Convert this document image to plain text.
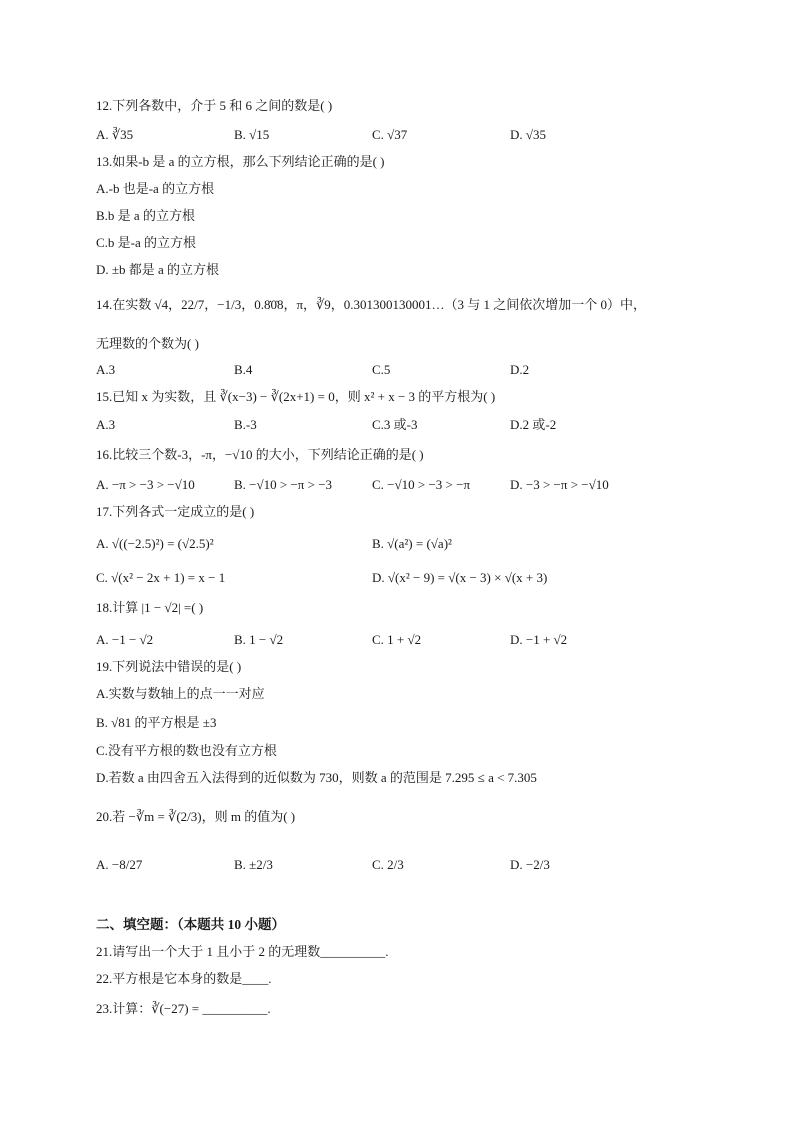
12.下列各数中，介于 5 和 6 之间的数是( )
A. ∛35	B. √15	C. √37	D. √35
13.如果-b 是 a 的立方根，那么下列结论正确的是( )
A.-b 也是-a 的立方根
B.b 是 a 的立方根
C.b 是-a 的立方根
D. ±b 都是 a 的立方根
14.在实数 √4，22/7，−1/3，0.8̇0̇8，π，∛9，0.301300130001…（3 与 1 之间依次增加一个 0）中，
无理数的个数为( )
A.3	B.4	C.5	D.2
15.已知 x 为实数，且 ∛(x−3) − ∛(2x+1) = 0，则 x² + x − 3 的平方根为( )
A.3	B.-3	C.3 或-3	D.2 或-2
16.比较三个数-3，-π，−√10 的大小，下列结论正确的是( )
A. −π > −3 > −√10	B. −√10 > −π > −3	C. −√10 > −3 > −π	D. −3 > −π > −√10
17.下列各式一定成立的是( )
A. √((−2.5)²) = (√2.5)²	B. √(a²) = (√a)²
C. √(x² − 2x + 1) = x − 1	D. √(x² − 9) = √(x − 3) × √(x + 3)
18.计算 |1 − √2| =( )
A. −1 − √2	B. 1 − √2	C. 1 + √2	D. −1 + √2
19.下列说法中错误的是( )
A.实数与数轴上的点一一对应
B. √81 的平方根是 ±3
C.没有平方根的数也没有立方根
D.若数 a 由四舍五入法得到的近似数为 730，则数 a 的范围是 7.295 ≤ a < 7.305
20.若 −∛m = ∛(2/3)，则 m 的值为( )
A. −8/27	B. ±2/3	C. 2/3	D. −2/3
二、填空题：（本题共 10 小题）
21.请写出一个大于 1 且小于 2 的无理数__________.
22.平方根是它本身的数是____.
23.计算：∛(−27) = __________.
